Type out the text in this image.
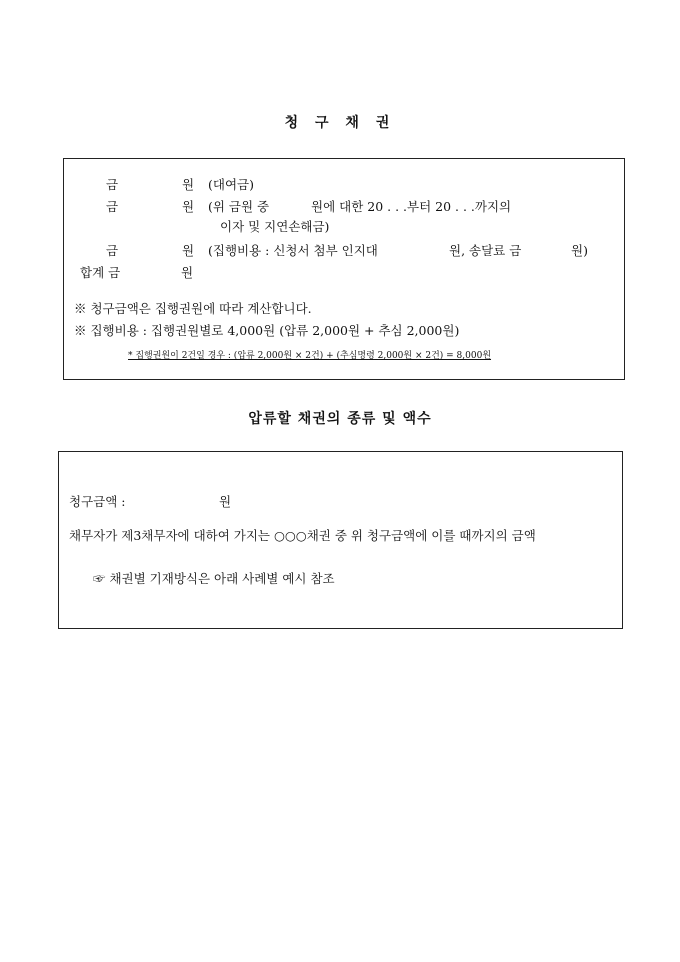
청 구 채 권
금	원 (대여금)
금	원 (위 금원 중	원에 대한 20 . . .부터 20 . . .까지의
이자 및 지연손해금)
금	원 (집행비용 : 신청서 첨부 인지대	원, 송달료 금	원)
합계 금	원
※ 청구금액은 집행권원에 따라 계산합니다.
※ 집행비용 : 집행권원별로 4,000원 (압류 2,000원 + 추심 2,000원)
* 집행권원이 2건일 경우 : (압류 2,000원 × 2건) + (추심명령 2,000원 × 2건) = 8,000원
압류할 채권의 종류 및 액수
청구금액 :	원
채무자가 제3채무자에 대하여 가지는 ○○○채권 중 위 청구금액에 이를 때까지의 금액
☞ 채권별 기재방식은 아래 사례별 예시 참조
